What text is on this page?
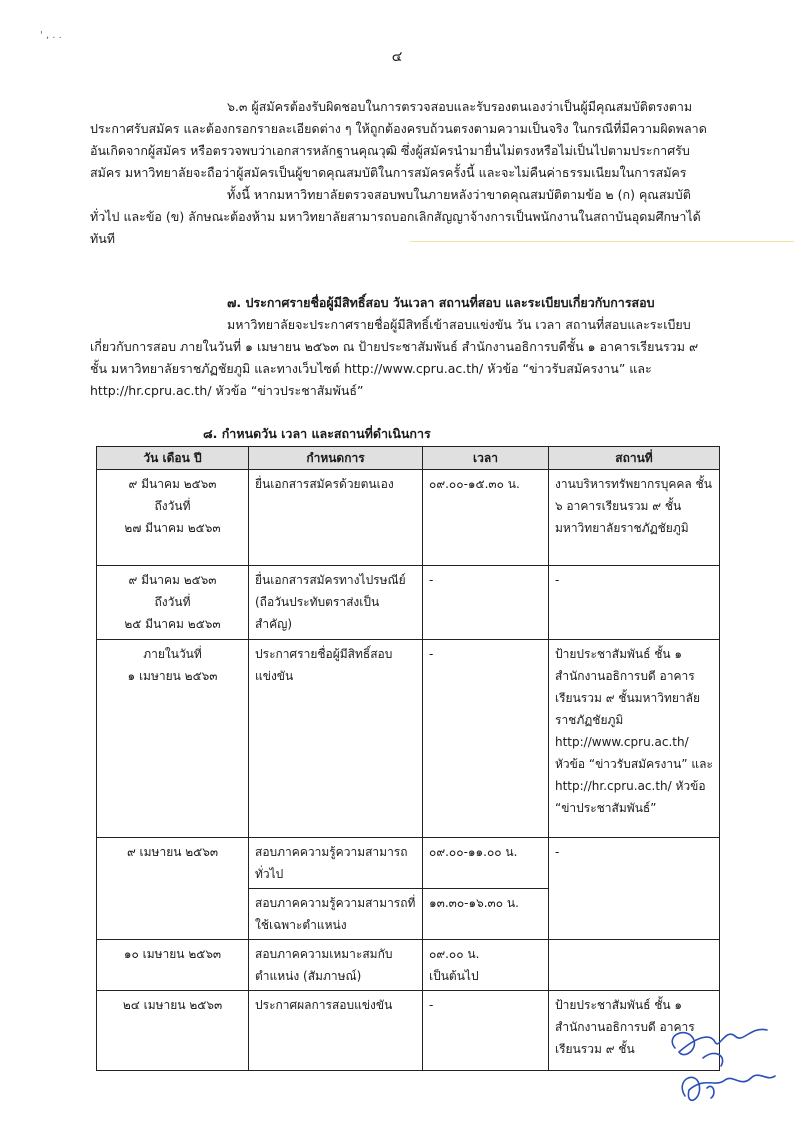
' , . .
๔

๖.๓ ผู้สมัครต้องรับผิดชอบในการตรวจสอบและรับรองตนเองว่าเป็นผู้มีคุณสมบัติตรงตามประกาศรับสมัคร และต้องกรอกรายละเอียดต่าง ๆ ให้ถูกต้องครบถ้วนตรงตามความเป็นจริง ในกรณีที่มีความผิดพลาดอันเกิดจากผู้สมัคร หรือตรวจพบว่าเอกสารหลักฐานคุณวุฒิ ซึ่งผู้สมัครนำมายื่นไม่ตรงหรือไม่เป็นไปตามประกาศรับสมัคร มหาวิทยาลัยจะถือว่าผู้สมัครเป็นผู้ขาดคุณสมบัติในการสมัครครั้งนี้ และจะไม่คืนค่าธรรมเนียมในการสมัคร

ทั้งนี้ หากมหาวิทยาลัยตรวจสอบพบในภายหลังว่าขาดคุณสมบัติตามข้อ ๒ (ก) คุณสมบัติทั่วไป และข้อ (ข) ลักษณะต้องห้าม มหาวิทยาลัยสามารถบอกเลิกสัญญาจ้างการเป็นพนักงานในสถาบันอุดมศึกษาได้ทันที

๗. ประกาศรายชื่อผู้มีสิทธิ์สอบ วันเวลา สถานที่สอบ และระเบียบเกี่ยวกับการสอบ

มหาวิทยาลัยจะประกาศรายชื่อผู้มีสิทธิ์เข้าสอบแข่งขัน วัน เวลา สถานที่สอบและระเบียบเกี่ยวกับการสอบ ภายในวันที่ ๑ เมษายน ๒๕๖๓ ณ ป้ายประชาสัมพันธ์ สำนักงานอธิการบดีชั้น ๑ อาคารเรียนรวม ๙ ชั้น มหาวิทยาลัยราชภัฏชัยภูมิ และทางเว็บไซต์ http://www.cpru.ac.th/ หัวข้อ “ข่าวรับสมัครงาน” และ http://hr.cpru.ac.th/ หัวข้อ “ข่าวประชาสัมพันธ์”

๘. กำหนดวัน เวลา และสถานที่ดำเนินการ
วัน เดือน ปี	กำหนดการ	เวลา	สถานที่
๙ มีนาคม ๒๕๖๓
ถึงวันที่
๒๗ มีนาคม ๒๕๖๓	ยื่นเอกสารสมัครด้วยตนเอง	๐๙.๐๐-๑๕.๓๐ น.	งานบริหารทรัพยากรบุคคล ชั้น ๖ อาคารเรียนรวม ๙ ชั้น มหาวิทยาลัยราชภัฏชัยภูมิ
๙ มีนาคม ๒๕๖๓
ถึงวันที่
๒๕ มีนาคม ๒๕๖๓	ยื่นเอกสารสมัครทางไปรษณีย์ (ถือวันประทับตราส่งเป็นสำคัญ)	-	-
ภายในวันที่
๑ เมษายน ๒๕๖๓	ประกาศรายชื่อผู้มีสิทธิ์สอบแข่งขัน	-	ป้ายประชาสัมพันธ์ ชั้น ๑ สำนักงานอธิการบดี อาคารเรียนรวม ๙ ชั้นมหาวิทยาลัยราชภัฏชัยภูมิ http://www.cpru.ac.th/ หัวข้อ “ข่าวรับสมัครงาน” และ http://hr.cpru.ac.th/ หัวข้อ “ข่าประชาสัมพันธ์”
๙ เมษายน ๒๕๖๓	สอบภาคความรู้ความสามารถทั่วไป	๐๙.๐๐-๑๑.๐๐ น.	-
	สอบภาคความรู้ความสามารถที่ใช้เฉพาะตำแหน่ง	๑๓.๓๐-๑๖.๓๐ น.	
๑๐ เมษายน ๒๕๖๓	สอบภาคความเหมาะสมกับตำแหน่ง (สัมภาษณ์)	๐๙.๐๐ น.
เป็นต้นไป	
๒๔ เมษายน ๒๕๖๓	ประกาศผลการสอบแข่งขัน	-	ป้ายประชาสัมพันธ์ ชั้น ๑ สำนักงานอธิการบดี อาคารเรียนรวม ๙ ชั้น
